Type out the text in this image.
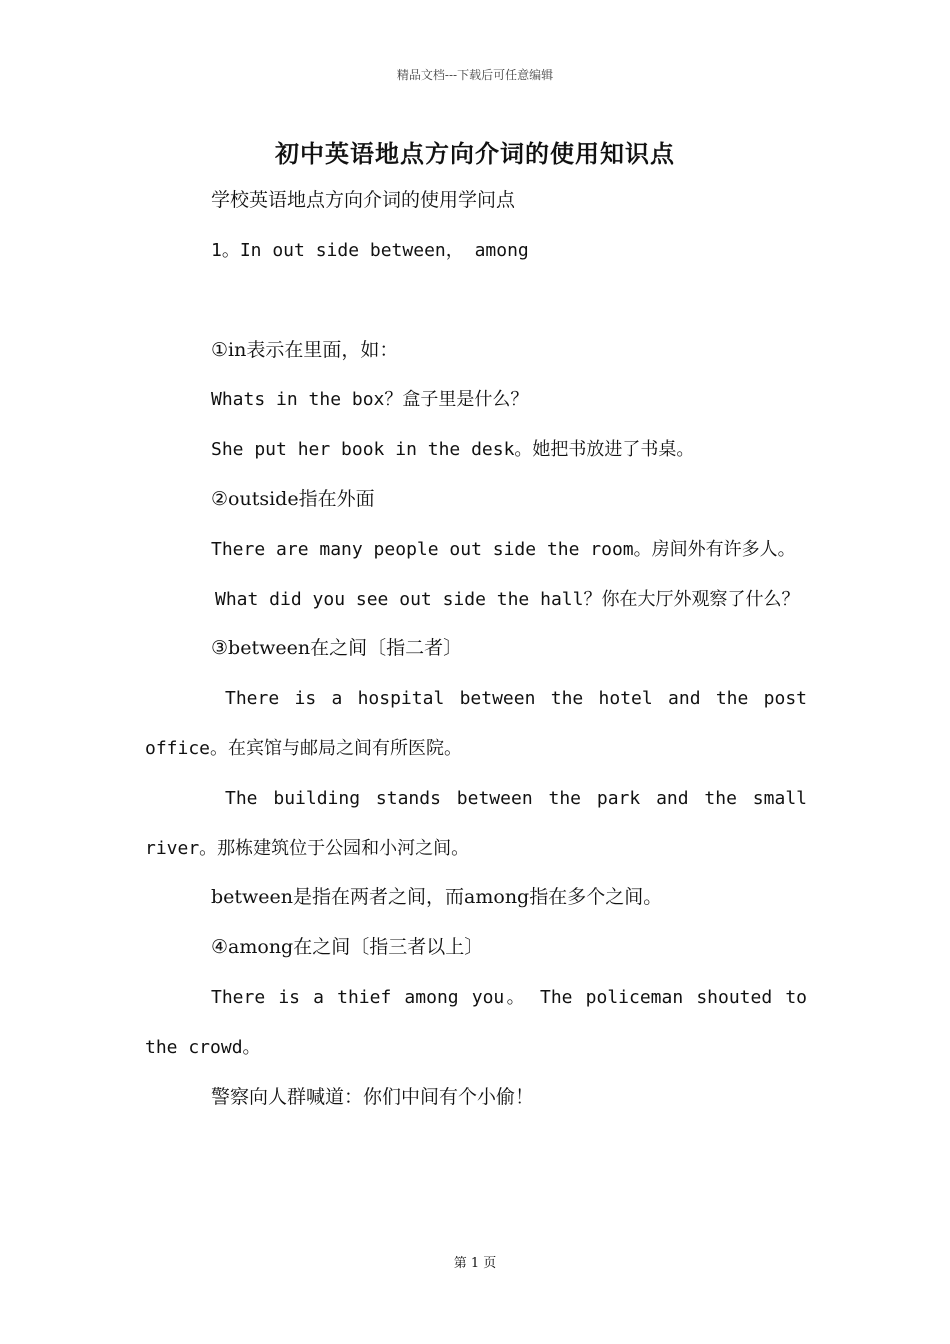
精品文档---下载后可任意编辑
初中英语地点方向介词的使用知识点

学校英语地点方向介词的使用学问点

1。In out side between， among

①in表示在里面，如：

Whats in the box？盒子里是什么？

She put her book in the desk。她把书放进了书桌。

②outside指在外面

There are many people out side the room。房间外有许多人。

What did you see out side the hall？你在大厅外观察了什么？

③between在之间〔指二者〕

There is a hospital between the hotel and the post office。在宾馆与邮局之间有所医院。

The building stands between the park and the small river。那栋建筑位于公园和小河之间。

between是指在两者之间，而among指在多个之间。

④among在之间〔指三者以上〕

There is a thief among you。 The policeman shouted to the crowd。

警察向人群喊道：你们中间有个小偷！

第 1 页
